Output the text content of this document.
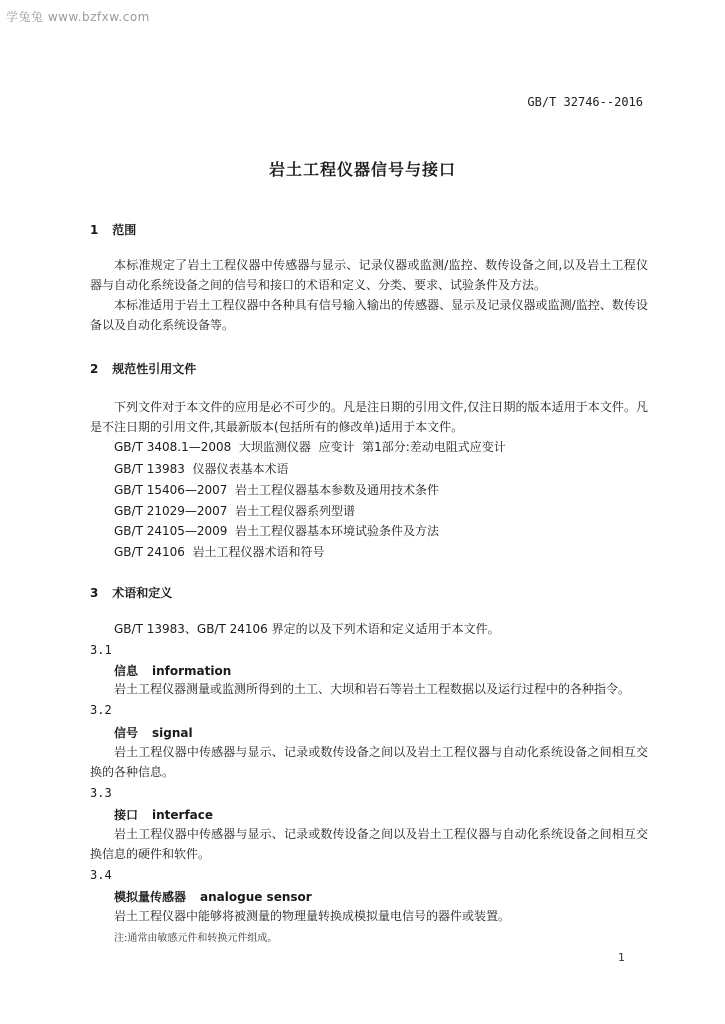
学兔兔 www.bzfxw.com
GB/T 32746--2016
岩土工程仪器信号与接口
1 范围
本标准规定了岩土工程仪器中传感器与显示、记录仪器或监测/监控、数传设备之间,以及岩土工程仪器与自动化系统设备之间的信号和接口的术语和定义、分类、要求、试验条件及方法。
本标准适用于岩土工程仪器中各种具有信号输入输出的传感器、显示及记录仪器或监测/监控、数传设备以及自动化系统设备等。
2 规范性引用文件
下列文件对于本文件的应用是必不可少的。凡是注日期的引用文件,仅注日期的版本适用于本文件。凡是不注日期的引用文件,其最新版本(包括所有的修改单)适用于本文件。
GB/T 3408.1—2008  大坝监测仪器  应变计  第1部分:差动电阻式应变计
GB/T 13983  仪器仪表基本术语
GB/T 15406—2007  岩土工程仪器基本参数及通用技术条件
GB/T 21029—2007  岩土工程仪器系列型谱
GB/T 24105—2009  岩土工程仪器基本环境试验条件及方法
GB/T 24106  岩土工程仪器术语和符号
3 术语和定义
GB/T 13983、GB/T 24106 界定的以及下列术语和定义适用于本文件。
3.1
信息 information
岩土工程仪器测量或监测所得到的土工、大坝和岩石等岩土工程数据以及运行过程中的各种指令。
3.2
信号 signal
岩土工程仪器中传感器与显示、记录或数传设备之间以及岩土工程仪器与自动化系统设备之间相互交换的各种信息。
3.3
接口 interface
岩土工程仪器中传感器与显示、记录或数传设备之间以及岩土工程仪器与自动化系统设备之间相互交换信息的硬件和软件。
3.4
模拟量传感器 analogue sensor
岩土工程仪器中能够将被测量的物理量转换成模拟量电信号的器件或装置。
注:通常由敏感元件和转换元件组成。
1
